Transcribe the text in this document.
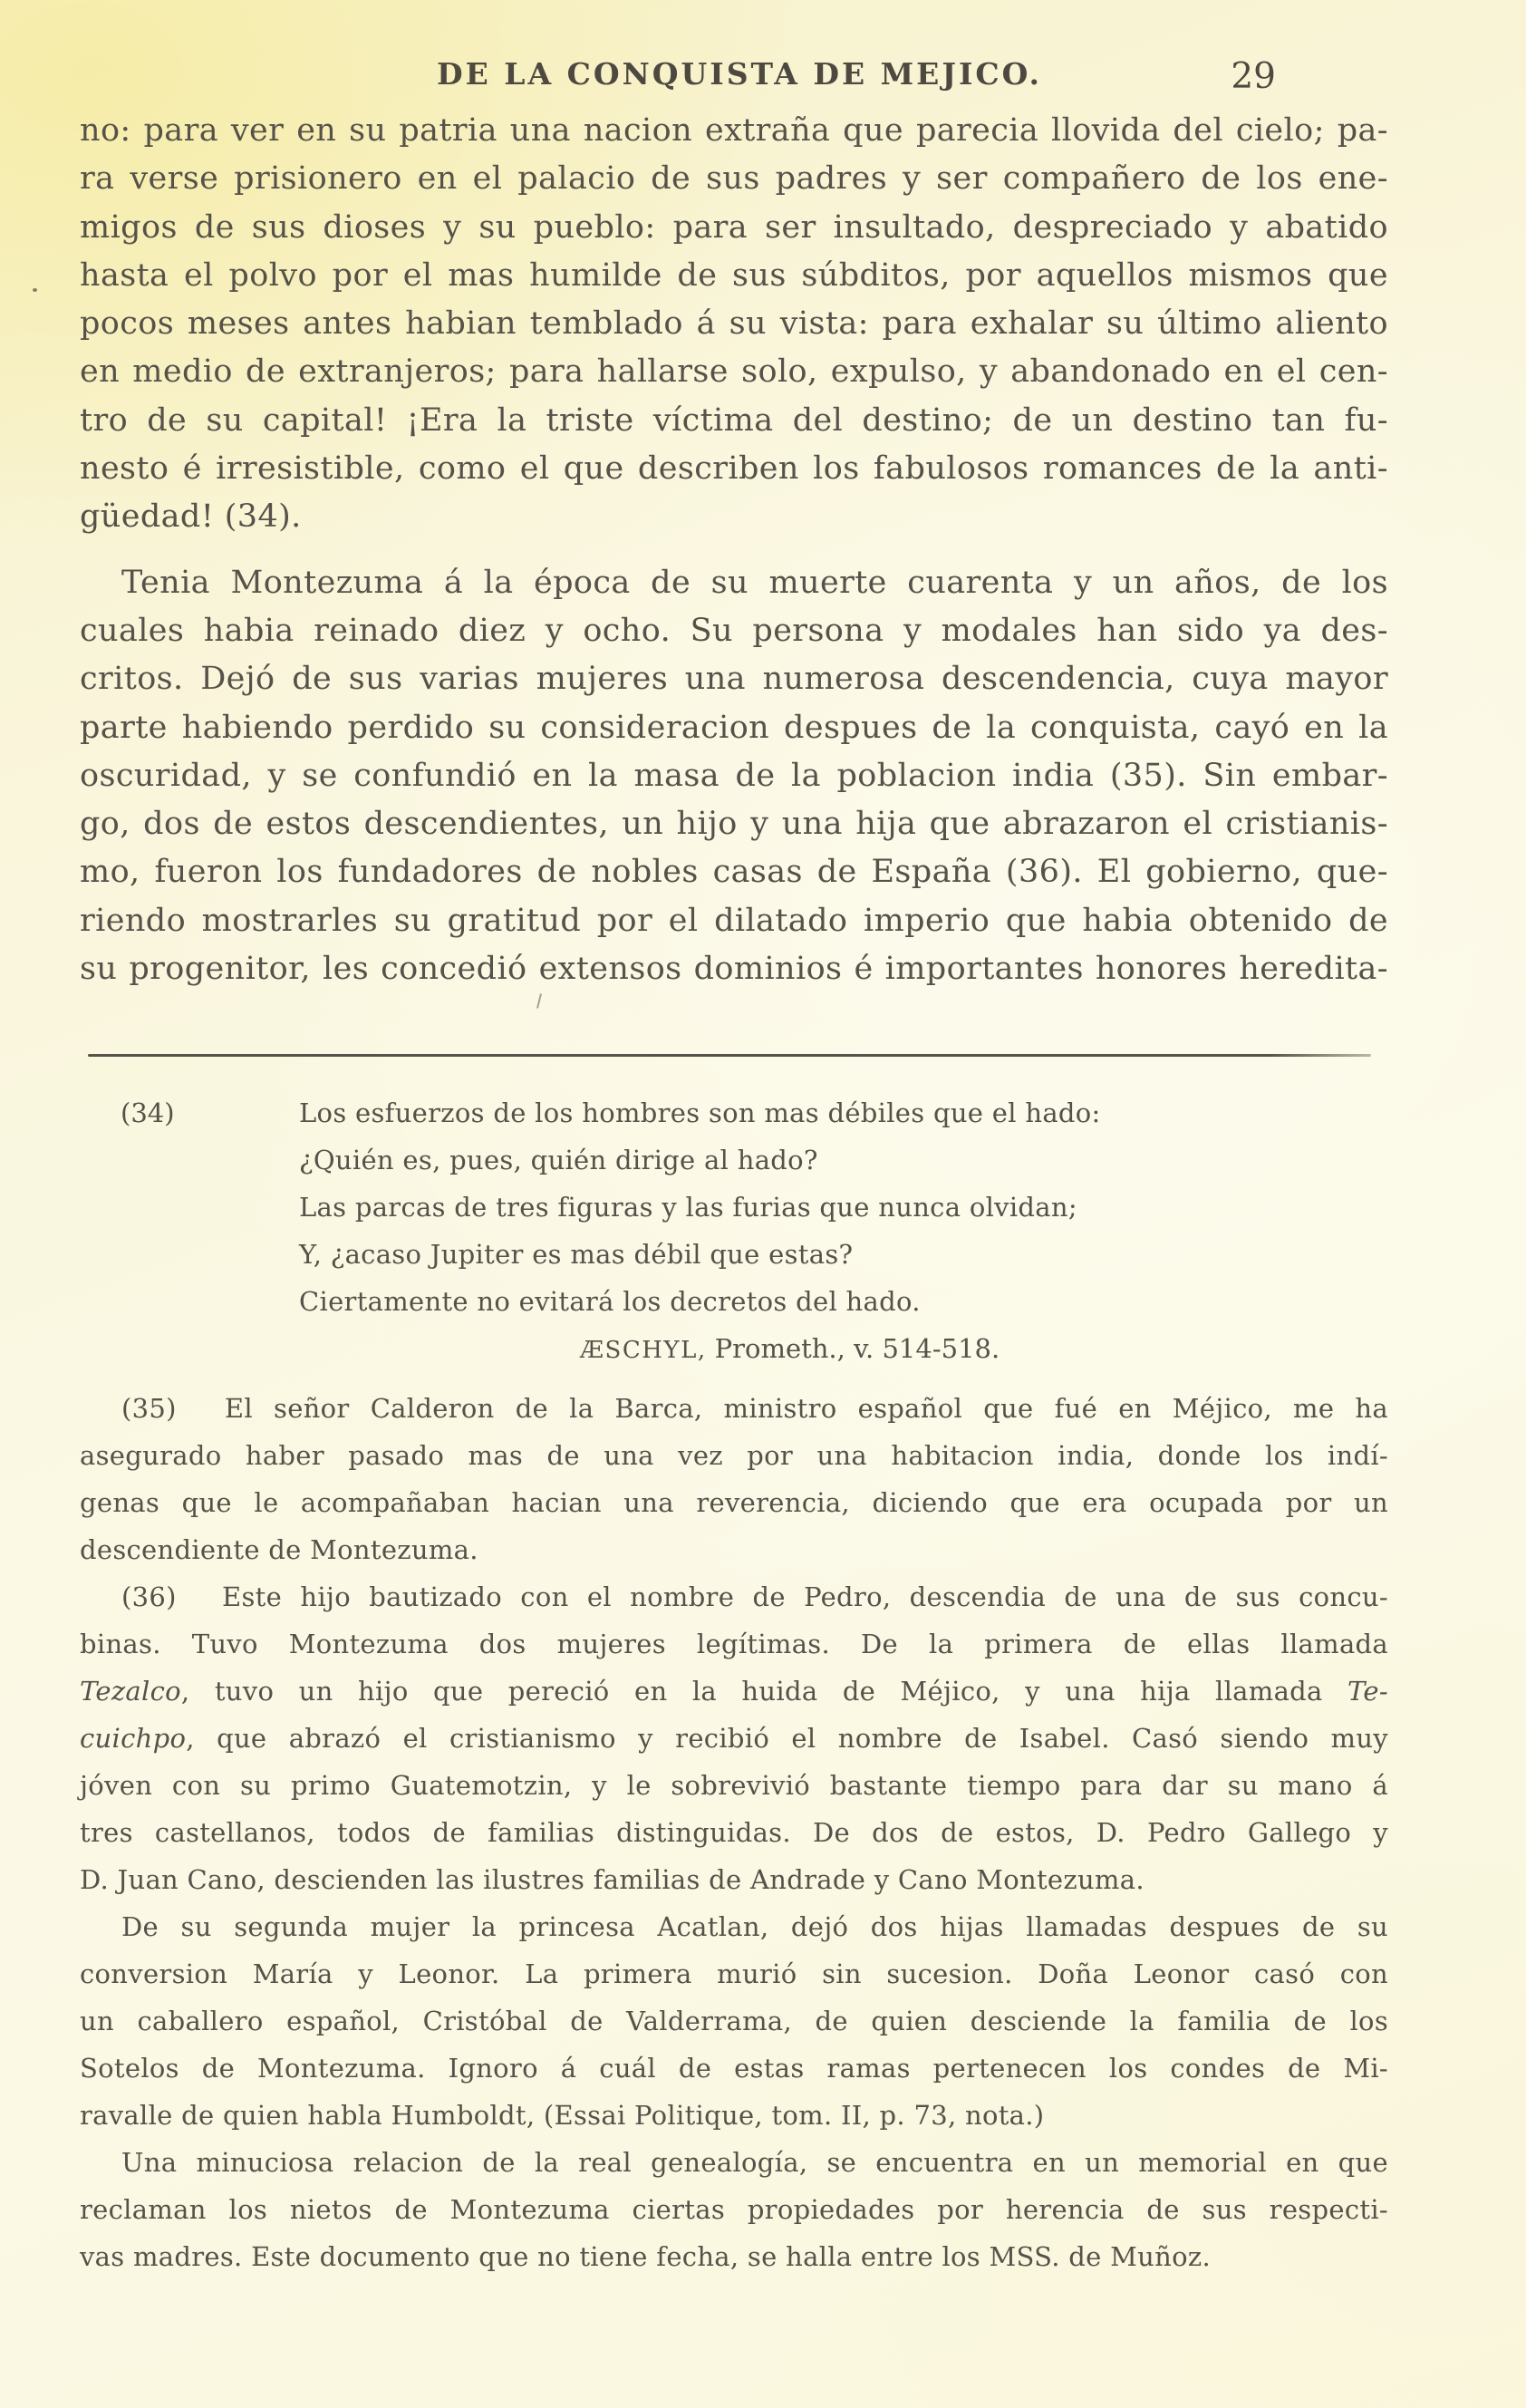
DE LA CONQUISTA DE MEJICO.	29
no: para ver en su patria una nacion extraña que parecia llovida del cielo; pa-
ra verse prisionero en el palacio de sus padres y ser compañero de los ene-
migos de sus dioses y su pueblo: para ser insultado, despreciado y abatido
hasta el polvo por el mas humilde de sus súbditos, por aquellos mismos que
pocos meses antes habian temblado á su vista: para exhalar su último aliento
en medio de extranjeros; para hallarse solo, expulso, y abandonado en el cen-
tro de su capital! ¡Era la triste víctima del destino; de un destino tan fu-
nesto é irresistible, como el que describen los fabulosos romances de la anti-
güedad! (34).
Tenia Montezuma á la época de su muerte cuarenta y un años, de los
cuales habia reinado diez y ocho. Su persona y modales han sido ya des-
critos. Dejó de sus varias mujeres una numerosa descendencia, cuya mayor
parte habiendo perdido su consideracion despues de la conquista, cayó en la
oscuridad, y se confundió en la masa de la poblacion india (35). Sin embar-
go, dos de estos descendientes, un hijo y una hija que abrazaron el cristianis-
mo, fueron los fundadores de nobles casas de España (36). El gobierno, que-
riendo mostrarles su gratitud por el dilatado imperio que habia obtenido de
su progenitor, les concedió extensos dominios é importantes honores heredita-
(34)	Los esfuerzos de los hombres son mas débiles que el hado:
¿Quién es, pues, quién dirige al hado?
Las parcas de tres figuras y las furias que nunca olvidan;
Y, ¿acaso Jupiter es mas débil que estas?
Ciertamente no evitará los decretos del hado.
ÆSCHYL, Prometh., v. 514-518.
(35) El señor Calderon de la Barca, ministro español que fué en Méjico, me ha
asegurado haber pasado mas de una vez por una habitacion india, donde los indí-
genas que le acompañaban hacian una reverencia, diciendo que era ocupada por un
descendiente de Montezuma.
(36) Este hijo bautizado con el nombre de Pedro, descendia de una de sus concu-
binas. Tuvo Montezuma dos mujeres legítimas. De la primera de ellas llamada
Tezalco, tuvo un hijo que pereció en la huida de Méjico, y una hija llamada Te-
cuichpo, que abrazó el cristianismo y recibió el nombre de Isabel. Casó siendo muy
jóven con su primo Guatemotzin, y le sobrevivió bastante tiempo para dar su mano á
tres castellanos, todos de familias distinguidas. De dos de estos, D. Pedro Gallego y
D. Juan Cano, descienden las ilustres familias de Andrade y Cano Montezuma.
De su segunda mujer la princesa Acatlan, dejó dos hijas llamadas despues de su
conversion María y Leonor. La primera murió sin sucesion. Doña Leonor casó con
un caballero español, Cristóbal de Valderrama, de quien desciende la familia de los
Sotelos de Montezuma. Ignoro á cuál de estas ramas pertenecen los condes de Mi-
ravalle de quien habla Humboldt, (Essai Politique, tom. II, p. 73, nota.)
Una minuciosa relacion de la real genealogía, se encuentra en un memorial en que
reclaman los nietos de Montezuma ciertas propiedades por herencia de sus respecti-
vas madres. Este documento que no tiene fecha, se halla entre los MSS. de Muñoz.
